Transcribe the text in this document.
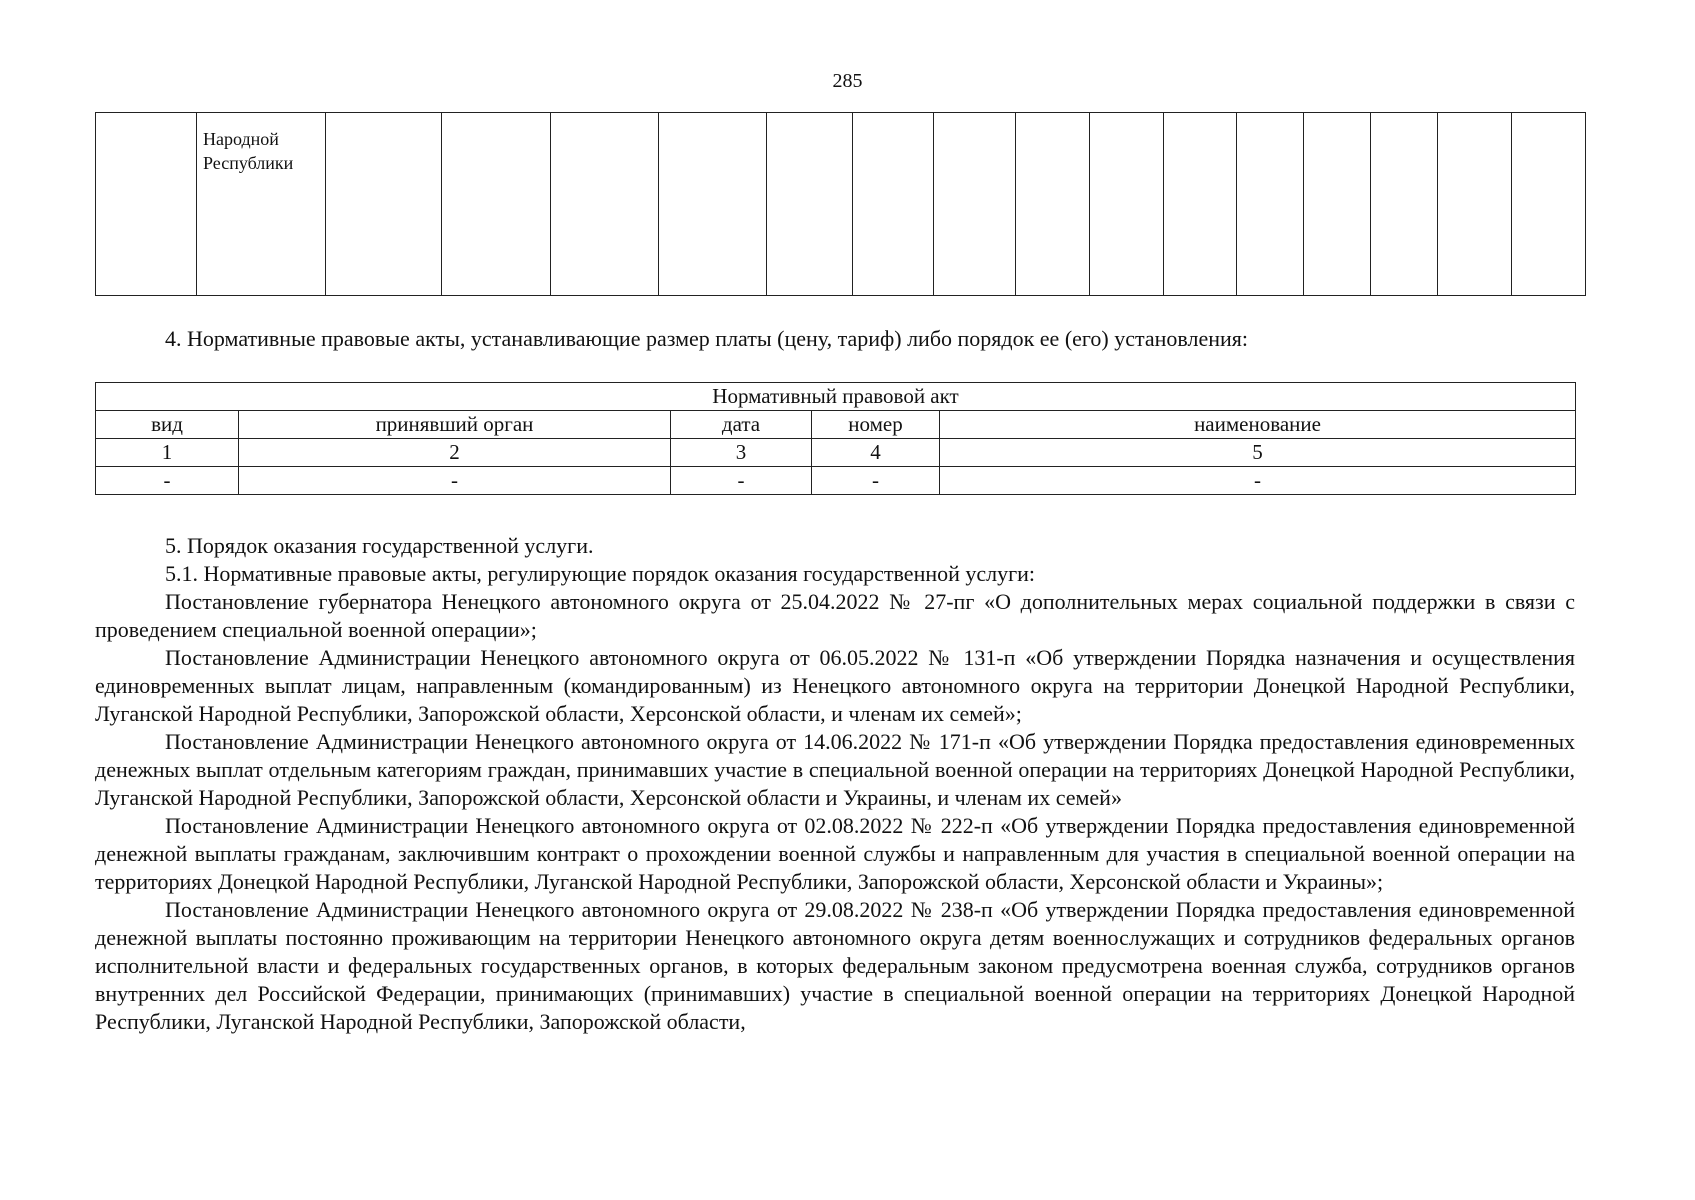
285

Народной
Республики

4. Нормативные правовые акты, устанавливающие размер платы (цену, тариф) либо порядок ее (его) установления:
Нормативный правовой акт				
вид	принявший орган	дата	номер	наименование
1	2	3	4	5
-	-	-	-	-

5. Порядок оказания государственной услуги.

5.1. Нормативные правовые акты, регулирующие порядок оказания государственной услуги:

Постановление губернатора Ненецкого автономного округа от 25.04.2022 № 27-пг «О дополнительных мерах социальной поддержки в связи с проведением специальной военной операции»;

Постановление Администрации Ненецкого автономного округа от 06.05.2022 № 131-п «Об утверждении Порядка назначения и осуществления единовременных выплат лицам, направленным (командированным) из Ненецкого автономного округа на территории Донецкой Народной Республики, Луганской Народной Республики, Запорожской области, Херсонской области, и членам их семей»;

Постановление Администрации Ненецкого автономного округа от 14.06.2022 № 171-п «Об утверждении Порядка предоставления единовременных денежных выплат отдельным категориям граждан, принимавших участие в специальной военной операции на территориях Донецкой Народной Республики, Луганской Народной Республики, Запорожской области, Херсонской области и Украины, и членам их семей»

Постановление Администрации Ненецкого автономного округа от 02.08.2022 № 222-п «Об утверждении Порядка предоставления единовременной денежной выплаты гражданам, заключившим контракт о прохождении военной службы и направленным для участия в специальной военной операции на территориях Донецкой Народной Республики, Луганской Народной Республики, Запорожской области, Херсонской области и Украины»;

Постановление Администрации Ненецкого автономного округа от 29.08.2022 № 238-п «Об утверждении Порядка предоставления единовременной денежной выплаты постоянно проживающим на территории Ненецкого автономного округа детям военнослужащих и сотрудников федеральных органов исполнительной власти и федеральных государственных органов, в которых федеральным законом предусмотрена военная служба, сотрудников органов внутренних дел Российской Федерации, принимающих (принимавших) участие в специальной военной операции на территориях Донецкой Народной Республики, Луганской Народной Республики, Запорожской области,
